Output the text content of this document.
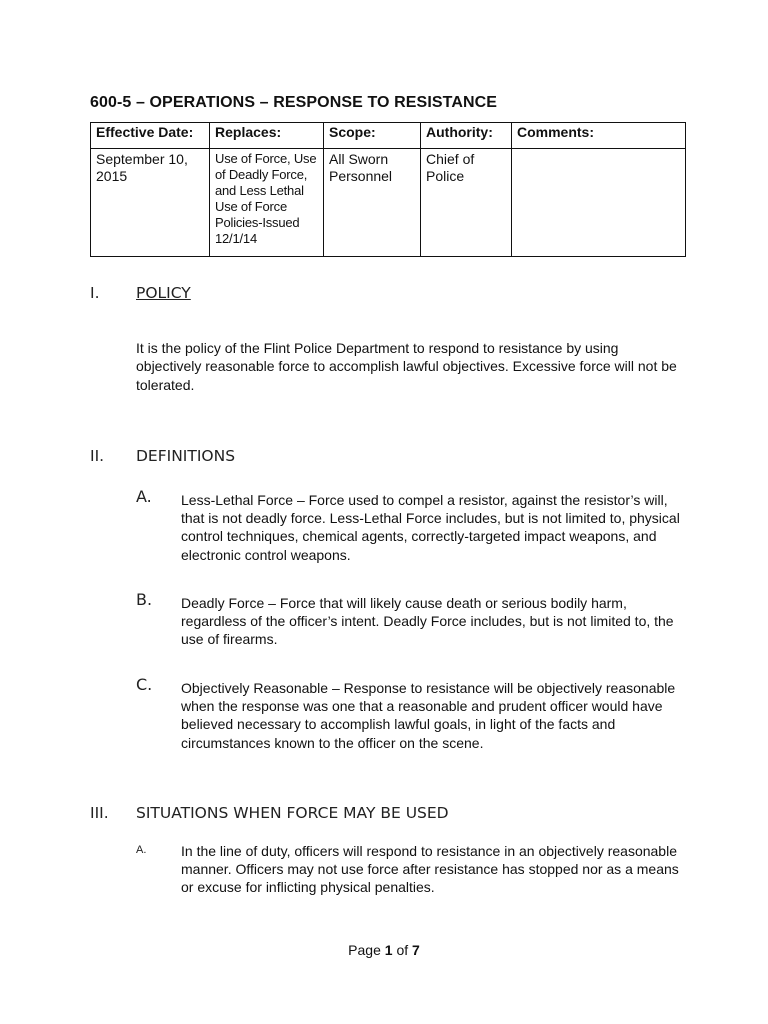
600-5 – OPERATIONS – RESPONSE TO RESISTANCE
Effective Date:	Replaces:	Scope:	Authority:	Comments:
September 10, 2015	Use of Force, Use of Deadly Force, and Less Lethal Use of Force Policies-Issued 12/1/14	All Sworn Personnel	Chief of Police	
I. POLICY
It is the policy of the Flint Police Department to respond to resistance by using objectively reasonable force to accomplish lawful objectives. Excessive force will not be tolerated.
II. DEFINITIONS
A. Less-Lethal Force – Force used to compel a resistor, against the resistor’s will, that is not deadly force. Less-Lethal Force includes, but is not limited to, physical control techniques, chemical agents, correctly-targeted impact weapons, and electronic control weapons.
B. Deadly Force – Force that will likely cause death or serious bodily harm, regardless of the officer’s intent. Deadly Force includes, but is not limited to, the use of firearms.
C. Objectively Reasonable – Response to resistance will be objectively reasonable when the response was one that a reasonable and prudent officer would have believed necessary to accomplish lawful goals, in light of the facts and circumstances known to the officer on the scene.
III. SITUATIONS WHEN FORCE MAY BE USED
A. In the line of duty, officers will respond to resistance in an objectively reasonable manner. Officers may not use force after resistance has stopped nor as a means or excuse for inflicting physical penalties.
Page 1 of 7
